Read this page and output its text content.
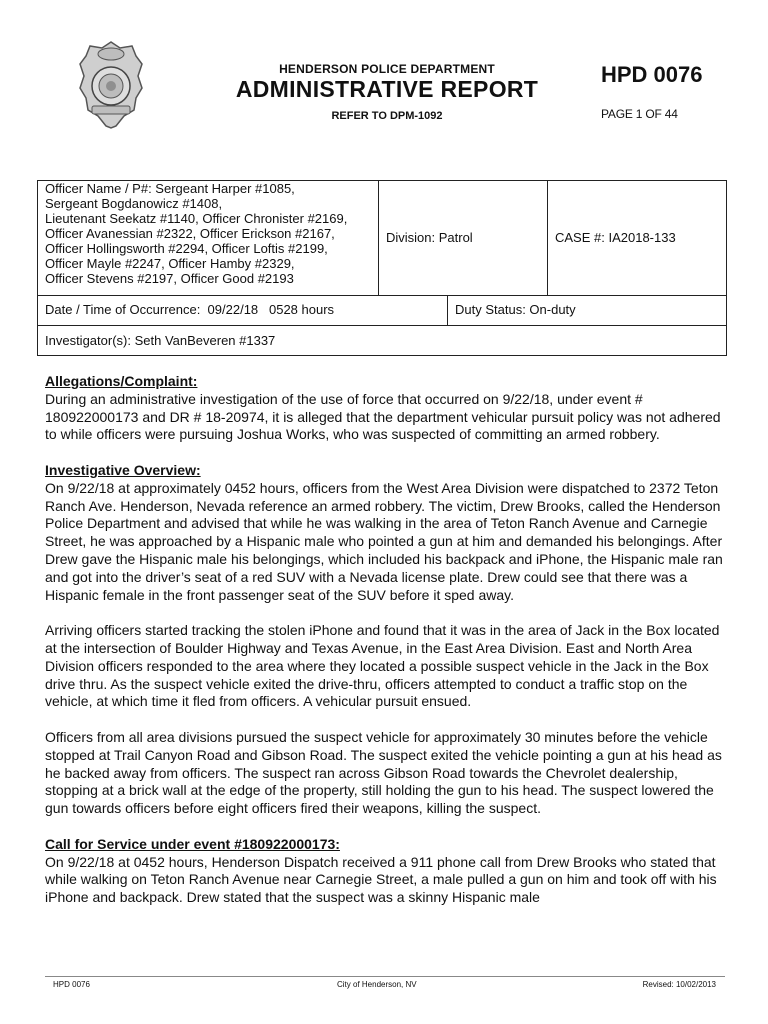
HENDERSON POLICE DEPARTMENT
ADMINISTRATIVE REPORT
REFER TO DPM-1092
HPD 0076
PAGE 1 OF 44
Officer Name / P#: Sergeant Harper #1085,
Sergeant Bogdanowicz #1408,
Lieutenant Seekatz #1140, Officer Chronister #2169,
Officer Avanessian #2322, Officer Erickson #2167,
Officer Hollingsworth #2294, Officer Loftis #2199,
Officer Mayle #2247, Officer Hamby #2329,
Officer Stevens #2197, Officer Good #2193
Division: Patrol	CASE #: IA2018-133
Date / Time of Occurrence:  09/22/18   0528 hours	Duty Status: On-duty
Investigator(s): Seth VanBeveren #1337
Allegations/Complaint:

During an administrative investigation of the use of force that occurred on 9/22/18, under event # 180922000173 and DR # 18-20974, it is alleged that the department vehicular pursuit policy was not adhered to while officers were pursuing Joshua Works, who was suspected of committing an armed robbery.

Investigative Overview:

On 9/22/18 at approximately 0452 hours, officers from the West Area Division were dispatched to 2372 Teton Ranch Ave. Henderson, Nevada reference an armed robbery. The victim, Drew Brooks, called the Henderson Police Department and advised that while he was walking in the area of Teton Ranch Avenue and Carnegie Street, he was approached by a Hispanic male who pointed a gun at him and demanded his belongings. After Drew gave the Hispanic male his belongings, which included his backpack and iPhone, the Hispanic male ran and got into the driver’s seat of a red SUV with a Nevada license plate. Drew could see that there was a Hispanic female in the front passenger seat of the SUV before it sped away.

Arriving officers started tracking the stolen iPhone and found that it was in the area of Jack in the Box located at the intersection of Boulder Highway and Texas Avenue, in the East Area Division. East and North Area Division officers responded to the area where they located a possible suspect vehicle in the Jack in the Box drive thru. As the suspect vehicle exited the drive-thru, officers attempted to conduct a traffic stop on the vehicle, at which time it fled from officers. A vehicular pursuit ensued.

Officers from all area divisions pursued the suspect vehicle for approximately 30 minutes before the vehicle stopped at Trail Canyon Road and Gibson Road. The suspect exited the vehicle pointing a gun at his head as he backed away from officers. The suspect ran across Gibson Road towards the Chevrolet dealership, stopping at a brick wall at the edge of the property, still holding the gun to his head. The suspect lowered the gun towards officers before eight officers fired their weapons, killing the suspect.

Call for Service under event #180922000173:

On 9/22/18 at 0452 hours, Henderson Dispatch received a 911 phone call from Drew Brooks who stated that while walking on Teton Ranch Avenue near Carnegie Street, a male pulled a gun on him and took off with his iPhone and backpack. Drew stated that the suspect was a skinny Hispanic male

HPD 0076	City of Henderson, NV	Revised: 10/02/2013
